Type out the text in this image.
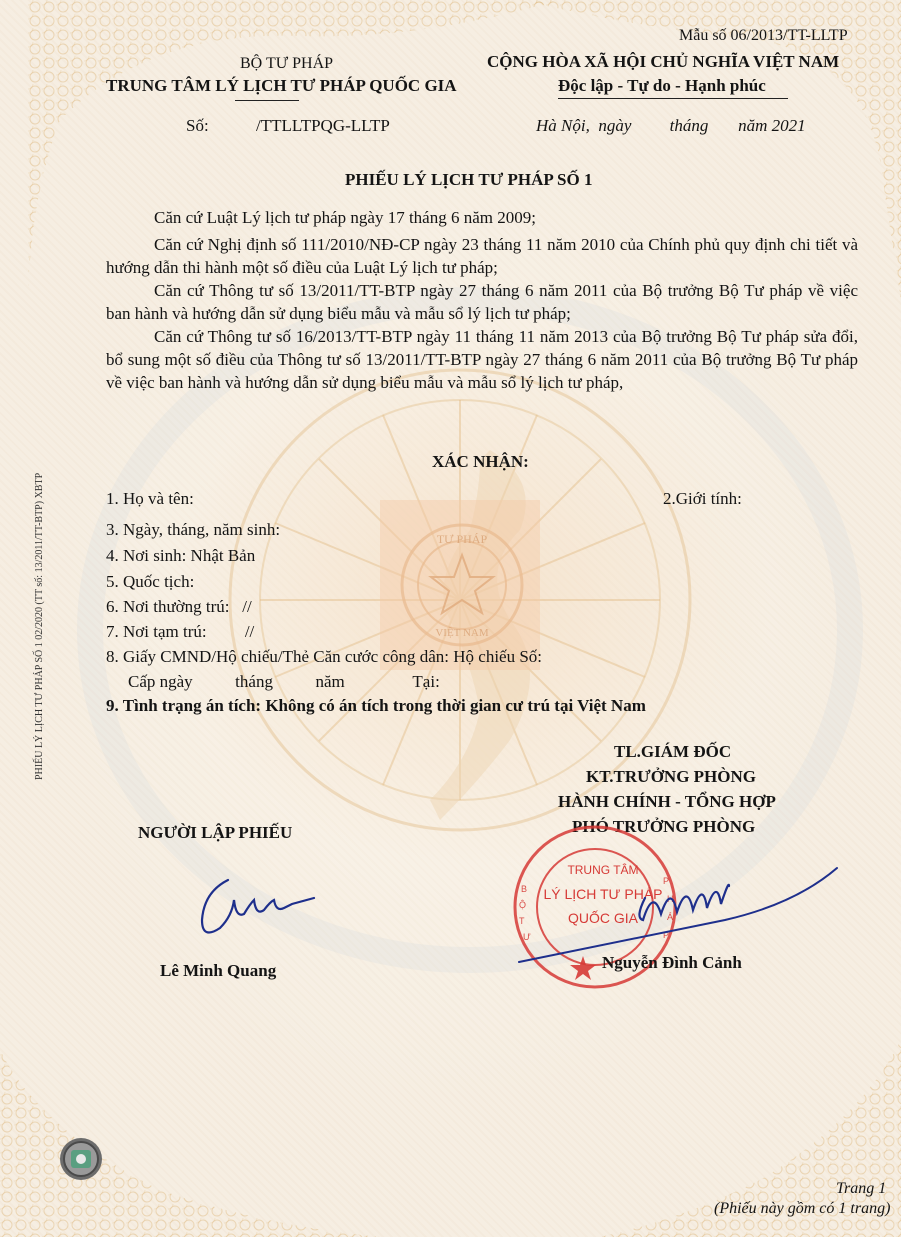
TƯ PHÁP
VIỆT NAM
Mẫu số 06/2013/TT-LLTP
BỘ TƯ PHÁP
TRUNG TÂM LÝ LỊCH TƯ PHÁP QUỐC GIA
Số:	/TTLLTPQG-LLTP
CỘNG HÒA XÃ HỘI CHỦ NGHĨA VIỆT NAM
Độc lập - Tự do - Hạnh phúc
Hà Nội,  ngày         tháng       năm 2021
PHIẾU LÝ LỊCH TƯ PHÁP SỐ 1
Căn cứ Luật Lý lịch tư pháp ngày 17 tháng 6 năm 2009;
Căn cứ Nghị định số 111/2010/NĐ-CP ngày 23 tháng 11 năm 2010 của Chính phủ quy định chi tiết và hướng dẫn thi hành một số điều của Luật Lý lịch tư pháp;
Căn cứ Thông tư số 13/2011/TT-BTP ngày 27 tháng 6 năm 2011 của Bộ trưởng Bộ Tư pháp về việc ban hành và hướng dẫn sử dụng biểu mẫu và mẫu sổ lý lịch tư pháp;
Căn cứ Thông tư số 16/2013/TT-BTP ngày 11 tháng 11 năm 2013 của Bộ trưởng Bộ Tư pháp sửa đổi, bổ sung một số điều của Thông tư số 13/2011/TT-BTP ngày 27 tháng 6 năm 2011 của Bộ trưởng Bộ Tư pháp về việc ban hành và hướng dẫn sử dụng biểu mẫu và mẫu sổ lý lịch tư pháp,
XÁC NHẬN:
1. Họ và tên:	2.Giới tính:
3. Ngày, tháng, năm sinh:
4. Nơi sinh: Nhật Bản
5. Quốc tịch:
6. Nơi thường trú:   //
7. Nơi tạm trú:         //
8. Giấy CMND/Hộ chiếu/Thẻ Căn cước công dân: Hộ chiếu Số:
Cấp ngày          tháng          năm                Tại:
9. Tình trạng án tích: Không có án tích trong thời gian cư trú tại Việt Nam
TL.GIÁM ĐỐC
KT.TRƯỞNG PHÒNG
HÀNH CHÍNH - TỔNG HỢP
PHÓ TRƯỞNG PHÒNG
NGƯỜI LẬP PHIẾU
TRUNG TÂM
LÝ LỊCH TƯ PHÁP
QUỐC GIA
B
Ộ
T
Ư
P
H
Á
P
Lê Minh Quang	Nguyễn Đình Cảnh
PHIẾU LÝ LỊCH TƯ PHÁP SỐ 1 02/2020 (TT số: 13/2011/TT-BTP) XBTP
Trang 1
(Phiếu này gồm có 1 trang)
